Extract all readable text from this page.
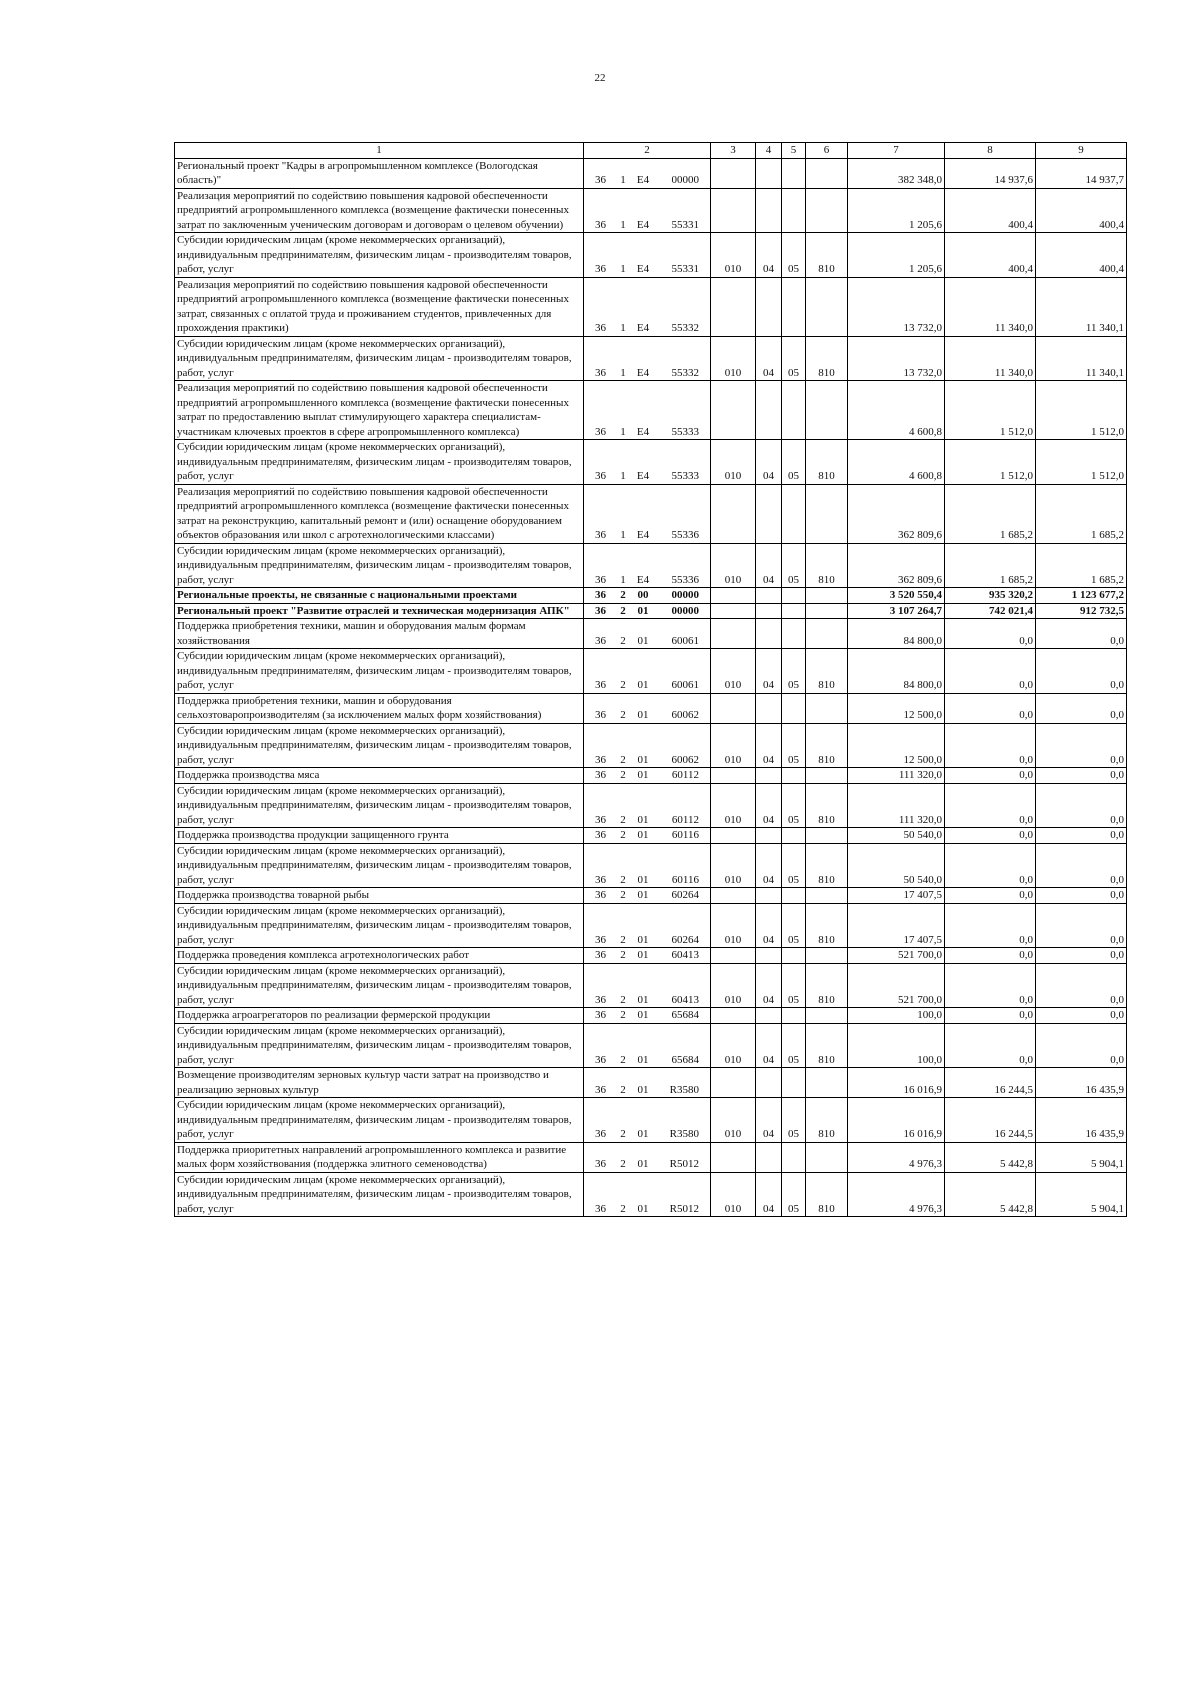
22
1	2	3	4	5	6	7	8	9
Региональный проект "Кадры в агропромышленном комплексе (Вологодская область)"	36 1 Е4 00000					382 348,0	14 937,6	14 937,7
Реализация мероприятий по содействию повышения кадровой обеспеченности предприятий агропромышленного комплекса (возмещение фактически понесенных затрат по заключенным ученическим договорам и договорам о целевом обучении)	36 1 Е4 55331					1 205,6	400,4	400,4
Субсидии юридическим лицам (кроме некоммерческих организаций), индивидуальным предпринимателям, физическим лицам - производителям товаров, работ, услуг	36 1 Е4 55331	010	04	05	810	1 205,6	400,4	400,4
Реализация мероприятий по содействию повышения кадровой обеспеченности предприятий агропромышленного комплекса (возмещение фактически понесенных затрат, связанных с оплатой труда и проживанием студентов, привлеченных для прохождения практики)	36 1 Е4 55332					13 732,0	11 340,0	11 340,1
Субсидии юридическим лицам (кроме некоммерческих организаций), индивидуальным предпринимателям, физическим лицам - производителям товаров, работ, услуг	36 1 Е4 55332	010	04	05	810	13 732,0	11 340,0	11 340,1
Реализация мероприятий по содействию повышения кадровой обеспеченности предприятий агропромышленного комплекса (возмещение фактически понесенных затрат по предоставлению выплат стимулирующего характера специалистам-участникам ключевых проектов в сфере агропромышленного комплекса)	36 1 Е4 55333					4 600,8	1 512,0	1 512,0
Субсидии юридическим лицам (кроме некоммерческих организаций), индивидуальным предпринимателям, физическим лицам - производителям товаров, работ, услуг	36 1 Е4 55333	010	04	05	810	4 600,8	1 512,0	1 512,0
Реализация мероприятий по содействию повышения кадровой обеспеченности предприятий агропромышленного комплекса (возмещение фактически понесенных затрат на реконструкцию, капитальный ремонт и (или) оснащение оборудованием объектов образования или школ с агротехнологическими классами)	36 1 Е4 55336					362 809,6	1 685,2	1 685,2
Субсидии юридическим лицам (кроме некоммерческих организаций), индивидуальным предпринимателям, физическим лицам - производителям товаров, работ, услуг	36 1 Е4 55336	010	04	05	810	362 809,6	1 685,2	1 685,2
Региональные проекты, не связанные с национальными проектами	36 2 00 00000					3 520 550,4	935 320,2	1 123 677,2
Региональный проект "Развитие отраслей и техническая модернизация АПК"	36 2 01 00000					3 107 264,7	742 021,4	912 732,5
Поддержка приобретения техники, машин и оборудования малым формам хозяйствования	36 2 01 60061					84 800,0	0,0	0,0
Субсидии юридическим лицам (кроме некоммерческих организаций), индивидуальным предпринимателям, физическим лицам - производителям товаров, работ, услуг	36 2 01 60061	010	04	05	810	84 800,0	0,0	0,0
Поддержка приобретения техники, машин и оборудования сельхозтоваропроизводителям (за исключением малых форм хозяйствования)	36 2 01 60062					12 500,0	0,0	0,0
Субсидии юридическим лицам (кроме некоммерческих организаций), индивидуальным предпринимателям, физическим лицам - производителям товаров, работ, услуг	36 2 01 60062	010	04	05	810	12 500,0	0,0	0,0
Поддержка производства мяса	36 2 01 60112					111 320,0	0,0	0,0
Субсидии юридическим лицам (кроме некоммерческих организаций), индивидуальным предпринимателям, физическим лицам - производителям товаров, работ, услуг	36 2 01 60112	010	04	05	810	111 320,0	0,0	0,0
Поддержка производства продукции защищенного грунта	36 2 01 60116					50 540,0	0,0	0,0
Субсидии юридическим лицам (кроме некоммерческих организаций), индивидуальным предпринимателям, физическим лицам - производителям товаров, работ, услуг	36 2 01 60116	010	04	05	810	50 540,0	0,0	0,0
Поддержка производства товарной рыбы	36 2 01 60264					17 407,5	0,0	0,0
Субсидии юридическим лицам (кроме некоммерческих организаций), индивидуальным предпринимателям, физическим лицам - производителям товаров, работ, услуг	36 2 01 60264	010	04	05	810	17 407,5	0,0	0,0
Поддержка проведения комплекса агротехнологических работ	36 2 01 60413					521 700,0	0,0	0,0
Субсидии юридическим лицам (кроме некоммерческих организаций), индивидуальным предпринимателям, физическим лицам - производителям товаров, работ, услуг	36 2 01 60413	010	04	05	810	521 700,0	0,0	0,0
Поддержка агроагрегаторов по реализации фермерской продукции	36 2 01 65684					100,0	0,0	0,0
Субсидии юридическим лицам (кроме некоммерческих организаций), индивидуальным предпринимателям, физическим лицам - производителям товаров, работ, услуг	36 2 01 65684	010	04	05	810	100,0	0,0	0,0
Возмещение производителям зерновых культур части затрат на производство и реализацию зерновых культур	36 2 01 R3580					16 016,9	16 244,5	16 435,9
Субсидии юридическим лицам (кроме некоммерческих организаций), индивидуальным предпринимателям, физическим лицам - производителям товаров, работ, услуг	36 2 01 R3580	010	04	05	810	16 016,9	16 244,5	16 435,9
Поддержка приоритетных направлений агропромышленного комплекса и развитие малых форм хозяйствования (поддержка элитного семеноводства)	36 2 01 R5012					4 976,3	5 442,8	5 904,1
Субсидии юридическим лицам (кроме некоммерческих организаций), индивидуальным предпринимателям, физическим лицам - производителям товаров, работ, услуг	36 2 01 R5012	010	04	05	810	4 976,3	5 442,8	5 904,1
